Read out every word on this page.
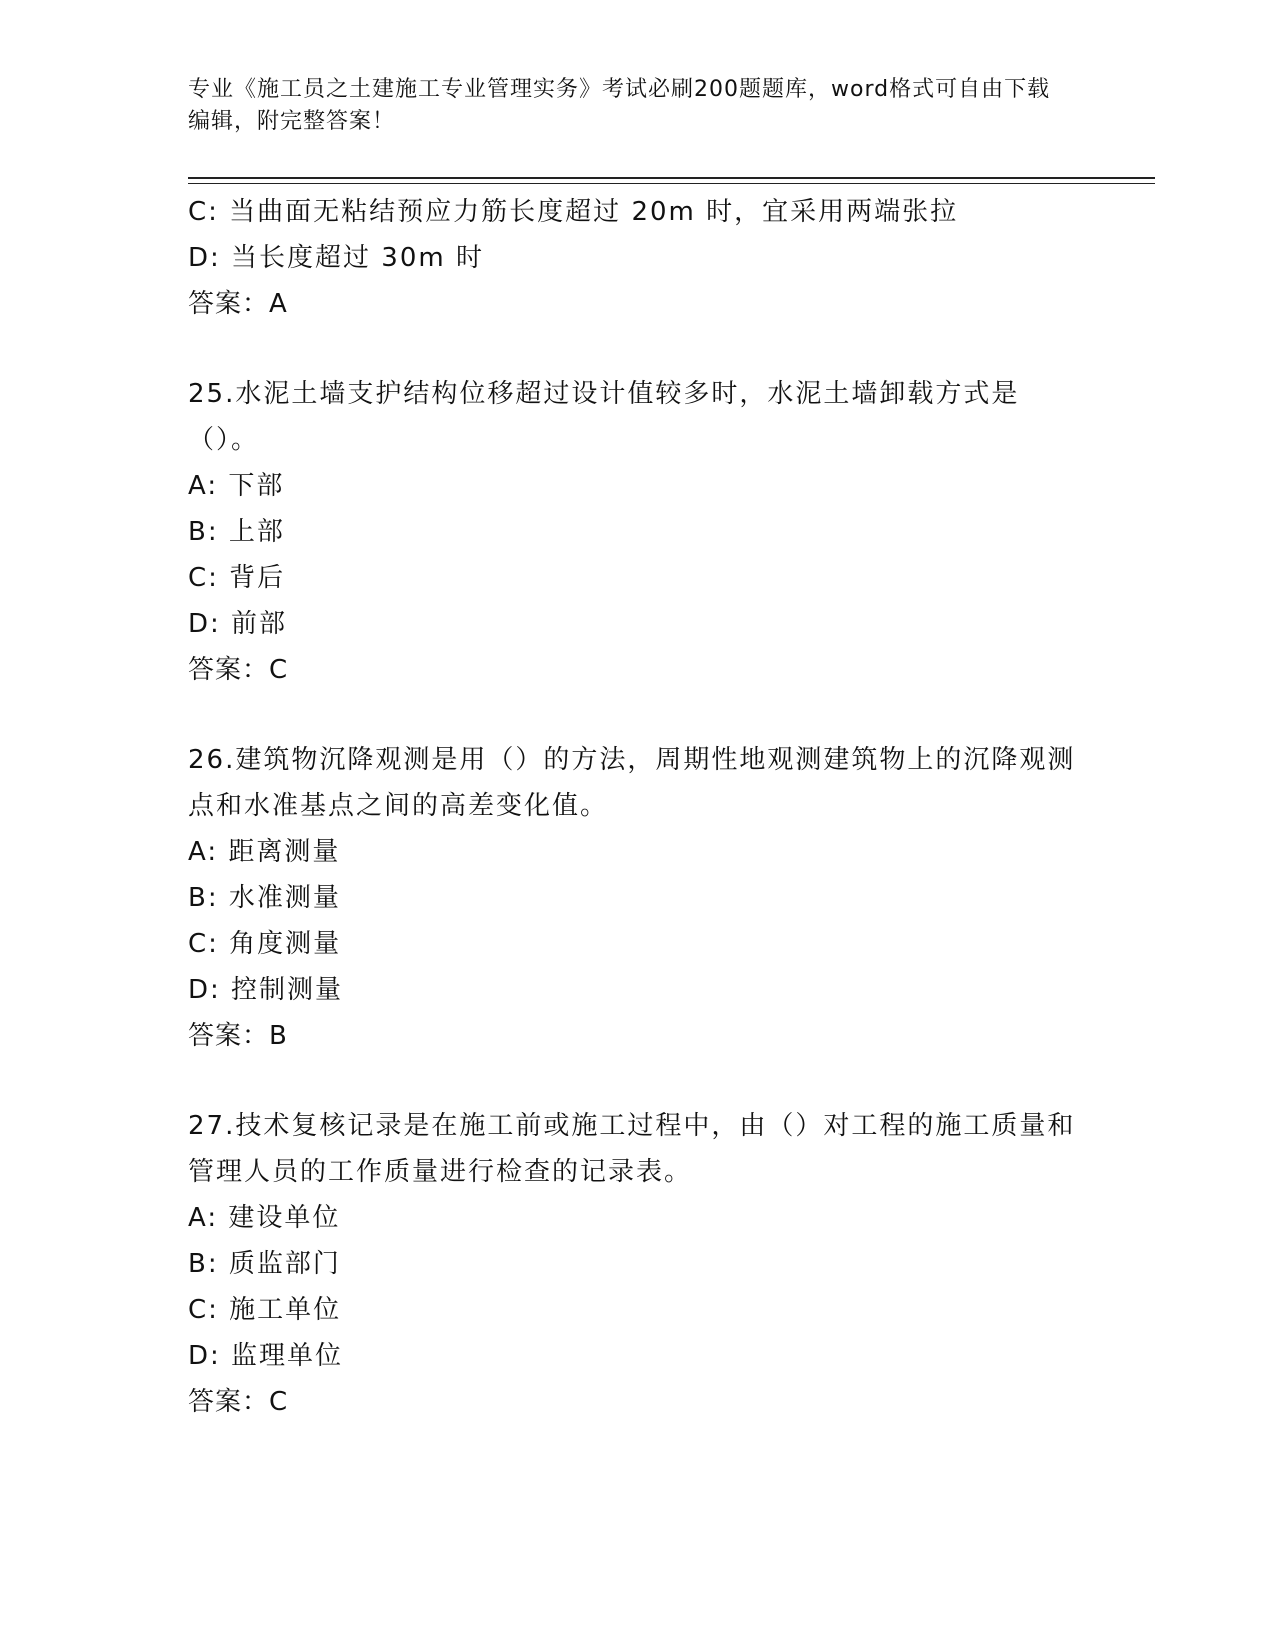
专业《施工员之土建施工专业管理实务》考试必刷200题题库，word格式可自由下载编辑，附完整答案！
C: 当曲面无粘结预应力筋长度超过 20m 时，宜采用两端张拉
D: 当长度超过 30m 时
答案：A
25.水泥土墙支护结构位移超过设计值较多时，水泥土墙卸载方式是（）。
A: 下部
B: 上部
C: 背后
D: 前部
答案：C
26.建筑物沉降观测是用（）的方法，周期性地观测建筑物上的沉降观测点和水准基点之间的高差变化值。
A: 距离测量
B: 水准测量
C: 角度测量
D: 控制测量
答案：B
27.技术复核记录是在施工前或施工过程中，由（）对工程的施工质量和管理人员的工作质量进行检查的记录表。
A: 建设单位
B: 质监部门
C: 施工单位
D: 监理单位
答案：C
